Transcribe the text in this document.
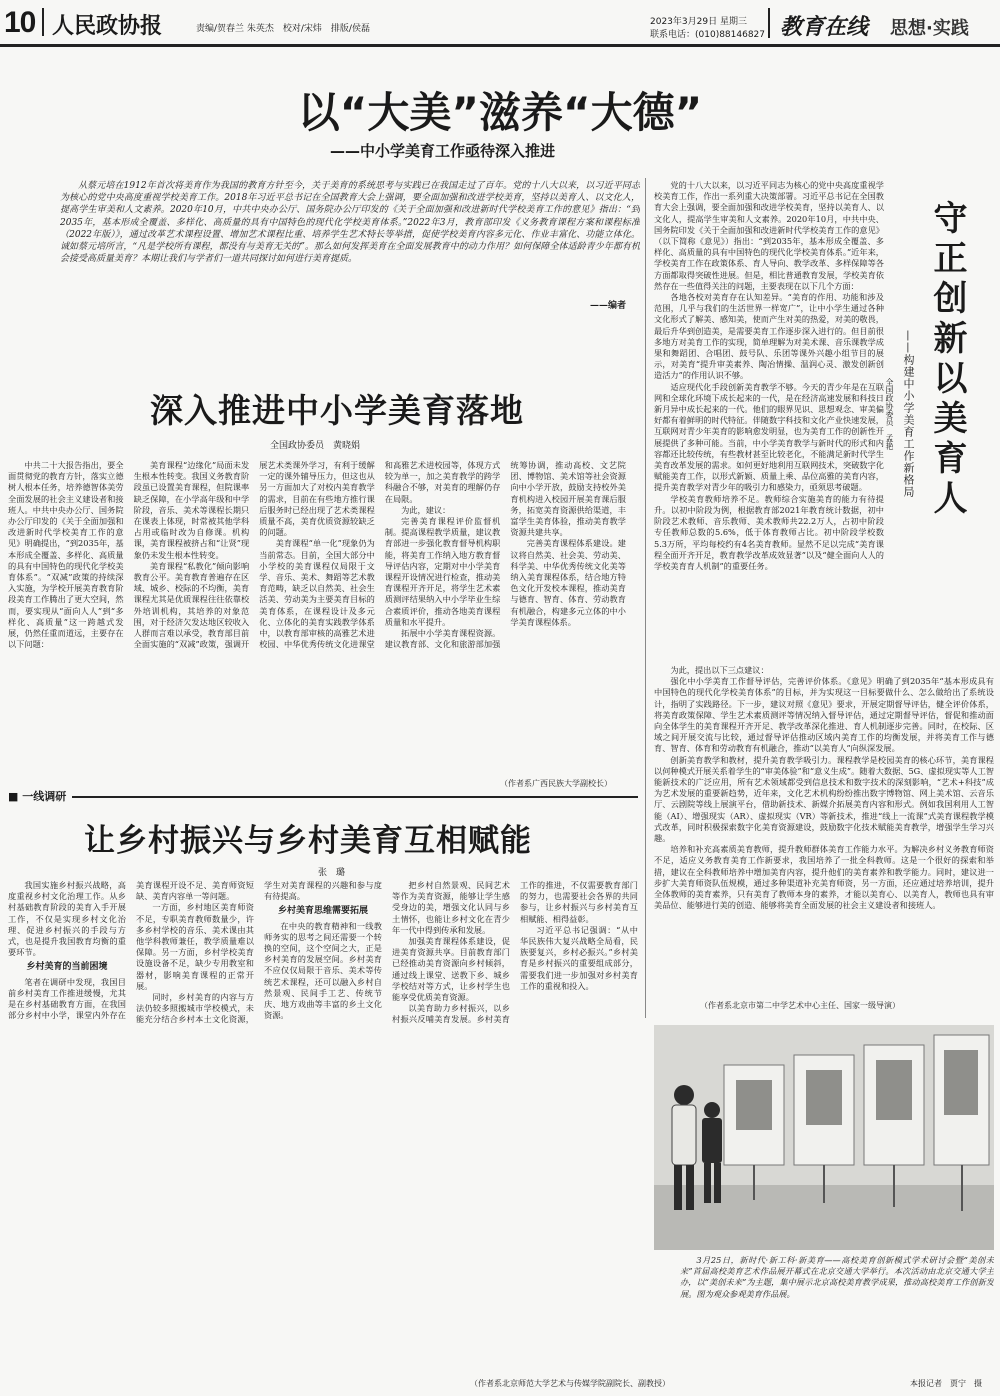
10 人民政协报	责编/贺春兰 朱英杰　校对/宋炜　排版/侯磊
2023年3月29日 星期三
联系电话：(010)88146827 教育在线 思想·实践
以“大美”滋养“大德”
——中小学美育工作亟待深入推进

从蔡元培在1912年首次将美育作为我国的教育方针至今，关于美育的系统思考与实践已在我国走过了百年。党的十八大以来，以习近平同志为核心的党中央高度重视学校美育工作。2018年习近平总书记在全国教育大会上强调，要全面加强和改进学校美育，坚持以美育人、以文化人，提高学生审美和人文素养。2020年10月，中共中央办公厅、国务院办公厅印发的《关于全面加强和改进新时代学校美育工作的意见》指出：“到2035年，基本形成全覆盖、多样化、高质量的具有中国特色的现代化学校美育体系。”2022年3月，教育部印发《义务教育课程方案和课程标准（2022年版）》，通过改革艺术课程设置、增加艺术课程比重、培养学生艺术特长等举措，促使学校美育内容多元化、作业丰富化、功能立体化。诚如蔡元培所言，“凡是学校所有课程，都没有与美育无关的”。那么如何发挥美育在全面发展教育中的动力作用？如何保障全体适龄青少年都有机会接受高质量美育？本期让我们与学者们一道共同探讨如何进行美育提质。

——编者
深入推进中小学美育落地
全国政协委员　黄晓娟

中共二十大报告指出，要全面贯彻党的教育方针，落实立德树人根本任务，培养德智体美劳全面发展的社会主义建设者和接班人。中共中央办公厅、国务院办公厅印发的《关于全面加强和改进新时代学校美育工作的意见》明确提出，“到2035年，基本形成全覆盖、多样化、高质量的具有中国特色的现代化学校美育体系”。“双减”政策的持续深入实施，为学校开展美育教育阶段美育工作腾出了更大空间，然而，要实现从“面向人人”到“多样化、高质量”这一跨越式发展，仍然任重而道远，主要存在以下问题：

美育课程“边缘化”局面未发生根本性转变。我国义务教育阶段虽已设置美育课程，但院课率缺乏保障，在小学高年级和中学阶段，音乐、美术等课程长期只在课表上体现，时常被其他学科占用或临时改为自修课。机构课，美育课程被挤占和“让贤”现象仍未发生根本性转变。

美育课程“私教化”倾向影响教育公平。美育教育普遍存在区域、城乡、校际的不均衡，美育课程尤其是优质课程往往依靠校外培训机构，其培养的对象范围，对于经济欠发达地区较收入人群而言难以承受，教育部目前全面实施的“双减”政策，强调开展艺术类课外学习，有利于缓解一定的课外辅导压力，但这也从另一方面加大了对校内美育教学的需求，目前在有些地方推行课后服务时已经出现了艺术类课程质量不高，美育优质资源较缺乏的问题。

美育课程“单一化”现象仍为当前常态。目前，全国大部分中小学校的美育课程仅局限于文学、音乐、美术、舞蹈等艺术教育范畴，缺乏以自然美、社会生活美、劳动美为主要美育目标的美育体系，在课程设计及多元化、立体化的美育实践教学体系中，以教育部审核的高雅艺术进校园、中华优秀传统文化进课堂和高雅艺术进校园等，体现方式较为单一，加之美育教学的跨学科融合不够，对美育的理解仍存在局限。

为此，建议：

完善美育课程评价监督机制。提高课程教学质量，建议教育部进一步强化教育督导机构职能，将美育工作纳入地方教育督导评估内容，定期对中小学美育课程开设情况进行检查，推动美育课程开齐开足，将学生艺术素质测评结果纳入中小学毕业生综合素质评价，推动各地美育课程质量和水平提升。

拓展中小学美育课程资源。建议教育部、文化和旅游部加强统筹协调，推动高校、文艺院团、博物馆、美术馆等社会资源向中小学开放，鼓励支持校外美育机构进入校园开展美育课后服务，拓宽美育资源供给渠道，丰富学生美育体验，推动美育教学资源共建共享。

完善美育课程体系建设。建议将自然美、社会美、劳动美、科学美、中华优秀传统文化美等纳入美育课程体系，结合地方特色文化开发校本课程，推动美育与德育、智育、体育、劳动教育有机融合，构建多元立体的中小学美育课程体系。

（作者系广西民族大学副校长）

党的十八大以来，以习近平同志为核心的党中央高度重视学校美育工作，作出一系列重大决策部署。习近平总书记在全国教育大会上强调，要全面加强和改进学校美育，坚持以美育人、以文化人，提高学生审美和人文素养。2020年10月，中共中央、国务院印发《关于全面加强和改进新时代学校美育工作的意见》（以下简称《意见》）指出：“到2035年，基本形成全覆盖、多样化、高质量的具有中国特色的现代化学校美育体系。”近年来，学校美育工作在政策体系、育人导向、教学改革、多样保障等各方面都取得突破性进展。但是，相比普通教育发展，学校美育依然存在一些值得关注的问题，主要表现在以下几个方面：

各地各校对美育存在认知差异。“美育的作用、功能和涉及范围，几乎与我们的生活世界一样宽广”，让中小学生通过各种文化形式了解美、感知美，使而产生对美的热爱，对美的敬畏，最后升华到创造美，是需要美育工作逐步深入进行的。但目前很多地方对美育工作的实现，简单理解为对美术课、音乐课教学成果和舞蹈团、合唱团、鼓号队、乐团等课外兴趣小组节目的展示，对美育“提升审美素养、陶冶情操、温润心灵、激发创新创造活力”的作用认识不够。

适应现代化手段创新美育教学不够。今天的青少年是在互联网和全球化环境下成长起来的一代，是在经济高速发展和科技日新月异中成长起来的一代。他们的眼界见识、思想观念、审美偏好都有着鲜明的时代特征。伴随数字科技和文化产业快速发展，互联网对青少年美育的影响愈发明显，也为美育工作的创新性开展提供了多种可能。当前，中小学美育教学与新时代的形式和内容都还比较传统，有些教材甚至比较老化，不能满足新时代学生美育改革发展的需求。如何更好地利用互联网技术，突破数字化赋能美育工作，以形式新颖、质量上乘、品位高雅的美育内容，提升美育教学对青少年的吸引力和感染力，亟须思考破题。

学校美育教师培养不足。教师综合实施美育的能力有待提升。以初中阶段为例，根据教育部2021年教育统计数据，初中阶段艺术教师、音乐教师、美术教师共22.2万人，占初中阶段专任教师总数的5.6%，低于体育教师占比。初中阶段学校数5.3万所，平均每校约有4名美育教师。显然不足以完成“美育课程全面开齐开足，教育教学改革成效显著”以及“健全面向人人的学校美育育人机制”的重要任务。

守正创新以美育人
——构建中小学美育工作新格局
全国政协委员　孟艳

为此，提出以下三点建议：

强化中小学美育工作督导评估，完善评价体系。《意见》明确了到2035年“基本形成具有中国特色的现代化学校美育体系”的目标，并为实现这一目标要做什么、怎么做给出了系统设计，指明了实践路径。下一步，建议对照《意见》要求，开展定期督导评估，健全评价体系，将美育政策保障、学生艺术素质测评等情况纳入督导评估，通过定期督导评估，督促和推动面向全体学生的美育课程开齐开足、教学改革深化推进、育人机制逐步完善。同时，在校际、区域之间开展交流与比较，通过督导评估推动区域内美育工作的均衡发展，并将美育工作与德育、智育、体育和劳动教育有机融合，推动“以美育人”向纵深发展。

创新美育教学和教材，提升美育教学吸引力。课程教学是校园美育的核心环节，美育课程以何种模式开展关系着学生的“审美体验”和“意义生成”。随着大数据、5G、虚拟现实等人工智能新技术的广泛应用，所有艺术领域都受到信息技术和数字技术的深刻影响，“艺术+科技”成为艺术发展的重要新趋势，近年来，文化艺术机构纷纷推出数字博物馆、网上美术馆、云音乐厅、云剧院等线上展演平台，借助新技术、新媒介拓展美育内容和形式。例如我国利用人工智能（AI）、增强现实（AR）、虚拟现实（VR）等新技术，推进“线上一流课”式美育课程教学模式改革，同时积极探索数字化美育资源建设，鼓励数字化技术赋能美育教学，增强学生学习兴趣。

培养和补充高素质美育教师，提升教师群体美育工作能力水平。为解决乡村义务教育师资不足，适应义务教育美育工作新要求，我国培养了一批全科教师。这是一个很好的探索和举措，建议在全科教师培养中增加美育内容，提升他们的美育素养和教学能力。同时，建议进一步扩大美育师资队伍规模，通过多种渠道补充美育师资，另一方面，还应通过培养培训，提升全体教师的美育素养，只有美育了教师本身的素养，才能以美育心、以美育人，教师也具有审美品位、能够进行美的创造、能够将美育全面发展的社会主义建设者和接班人。

（作者系北京市第二中学艺术中心主任、国家一级导演）
■ 一线调研
让乡村振兴与乡村美育互相赋能
张　璐

我国实施乡村振兴战略，高度重视乡村文化治理工作。从乡村基础教育阶段的美育入手开展工作，不仅是实现乡村文化治理、促进乡村振兴的手段与方式，也是提升我国教育均衡的重要环节。

乡村美育的当前困境

笔者在调研中发现，我国目前乡村美育工作推进缓慢，尤其是在乡村基础教育方面，在我国部分乡村中小学，课堂内外存在美育课程开设不足、美育师资短缺、美育内容单一等问题。

一方面，乡村地区美育师资不足，专职美育教师数量少，许多乡村学校的音乐、美术课由其他学科教师兼任，教学质量难以保障。另一方面，乡村学校美育设施设备不足，缺少专用教室和器材，影响美育课程的正常开展。

同时，乡村美育的内容与方法仍较多照搬城市学校模式，未能充分结合乡村本土文化资源，学生对美育课程的兴趣和参与度有待提高。

乡村美育思维需要拓展

在中央的教育精神和一线教师务实的思考之间还需要一个转换的空间，这个空间之大，正是乡村美育的发展空间。乡村美育不应仅仅局限于音乐、美术等传统艺术课程，还可以融入乡村自然景观、民间手工艺、传统节庆、地方戏曲等丰富的乡土文化资源。

把乡村自然景观、民间艺术等作为美育资源，能够让学生感受身边的美，增强文化认同与乡土情怀，也能让乡村文化在青少年一代中得到传承和发展。

加强美育课程体系建设，促进美育资源共享。目前教育部门已经推动美育资源向乡村倾斜，通过线上课堂、送教下乡、城乡学校结对等方式，让乡村学生也能享受优质美育资源。

以美育助力乡村振兴，以乡村振兴反哺美育发展。乡村美育工作的推进，不仅需要教育部门的努力，也需要社会各界的共同参与，让乡村振兴与乡村美育互相赋能、相得益彰。

习近平总书记强调：“从中华民族伟大复兴战略全局看，民族要复兴，乡村必振兴。”乡村美育是乡村振兴的重要组成部分，需要我们进一步加强对乡村美育工作的重视和投入。

（作者系北京师范大学艺术与传媒学院副院长、副教授）

3月25日，新时代·新工科·新美育——高校美育创新模式学术研讨会暨“美创未来”首届高校美育艺术作品展开幕式在北京交通大学举行。本次活动由北京交通大学主办，以“美创未来”为主题，集中展示北京高校美育教学成果，推动高校美育工作创新发展。图为观众参观美育作品展。

本报记者　贾宁　摄
